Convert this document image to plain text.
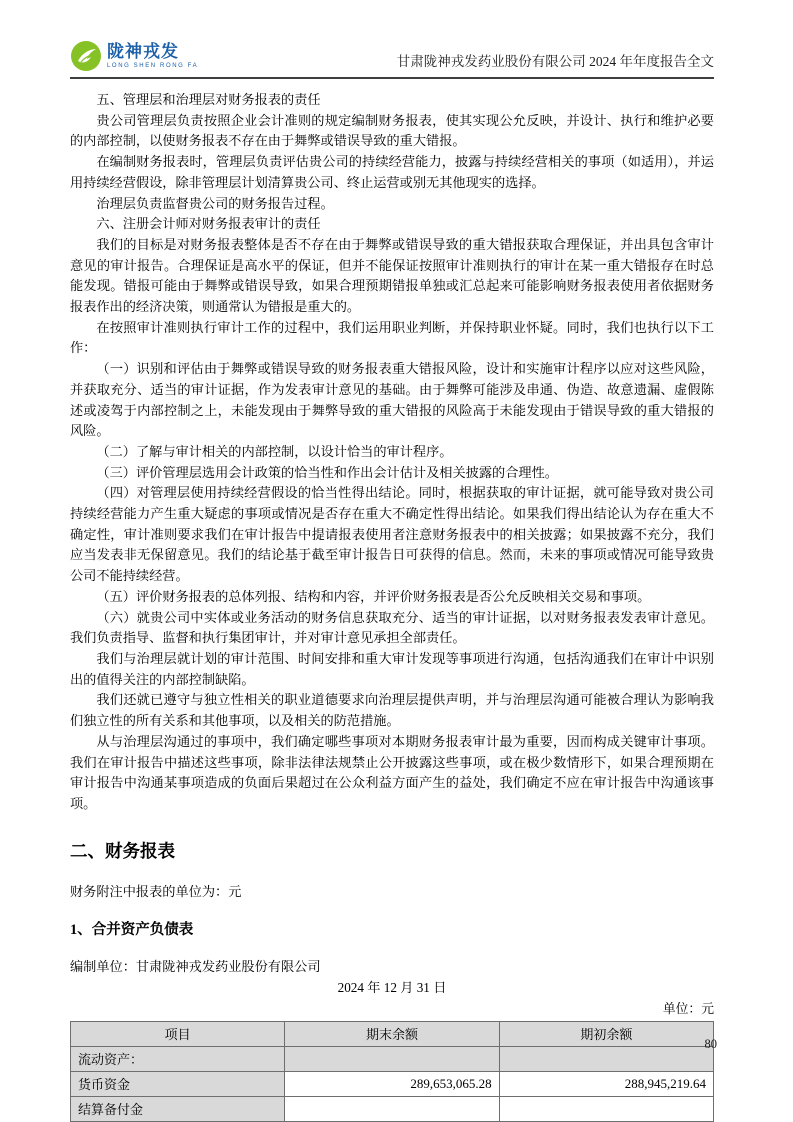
陇神戎发
LONG SHEN RONG FA	甘肃陇神戎发药业股份有限公司 2024 年年度报告全文

五、管理层和治理层对财务报表的责任

贵公司管理层负责按照企业会计准则的规定编制财务报表，使其实现公允反映，并设计、执行和维护必要的内部控制，以使财务报表不存在由于舞弊或错误导致的重大错报。

在编制财务报表时，管理层负责评估贵公司的持续经营能力，披露与持续经营相关的事项（如适用），并运用持续经营假设，除非管理层计划清算贵公司、终止运营或别无其他现实的选择。

治理层负责监督贵公司的财务报告过程。

六、注册会计师对财务报表审计的责任

我们的目标是对财务报表整体是否不存在由于舞弊或错误导致的重大错报获取合理保证，并出具包含审计意见的审计报告。合理保证是高水平的保证，但并不能保证按照审计准则执行的审计在某一重大错报存在时总能发现。错报可能由于舞弊或错误导致，如果合理预期错报单独或汇总起来可能影响财务报表使用者依据财务报表作出的经济决策，则通常认为错报是重大的。

在按照审计准则执行审计工作的过程中，我们运用职业判断，并保持职业怀疑。同时，我们也执行以下工作：

（一）识别和评估由于舞弊或错误导致的财务报表重大错报风险，设计和实施审计程序以应对这些风险，并获取充分、适当的审计证据，作为发表审计意见的基础。由于舞弊可能涉及串通、伪造、故意遗漏、虚假陈述或凌驾于内部控制之上，未能发现由于舞弊导致的重大错报的风险高于未能发现由于错误导致的重大错报的风险。

（二）了解与审计相关的内部控制，以设计恰当的审计程序。

（三）评价管理层选用会计政策的恰当性和作出会计估计及相关披露的合理性。

（四）对管理层使用持续经营假设的恰当性得出结论。同时，根据获取的审计证据，就可能导致对贵公司持续经营能力产生重大疑虑的事项或情况是否存在重大不确定性得出结论。如果我们得出结论认为存在重大不确定性，审计准则要求我们在审计报告中提请报表使用者注意财务报表中的相关披露；如果披露不充分，我们应当发表非无保留意见。我们的结论基于截至审计报告日可获得的信息。然而，未来的事项或情况可能导致贵公司不能持续经营。

（五）评价财务报表的总体列报、结构和内容，并评价财务报表是否公允反映相关交易和事项。

（六）就贵公司中实体或业务活动的财务信息获取充分、适当的审计证据，以对财务报表发表审计意见。我们负责指导、监督和执行集团审计，并对审计意见承担全部责任。

我们与治理层就计划的审计范围、时间安排和重大审计发现等事项进行沟通，包括沟通我们在审计中识别出的值得关注的内部控制缺陷。

我们还就已遵守与独立性相关的职业道德要求向治理层提供声明，并与治理层沟通可能被合理认为影响我们独立性的所有关系和其他事项，以及相关的防范措施。

从与治理层沟通过的事项中，我们确定哪些事项对本期财务报表审计最为重要，因而构成关键审计事项。我们在审计报告中描述这些事项，除非法律法规禁止公开披露这些事项，或在极少数情形下，如果合理预期在审计报告中沟通某事项造成的负面后果超过在公众利益方面产生的益处，我们确定不应在审计报告中沟通该事项。

二、财务报表

财务附注中报表的单位为：元

1、合并资产负债表

编制单位：甘肃陇神戎发药业股份有限公司

2024 年 12 月 31 日
单位：元
项目	期末余额	期初余额
流动资产：		
货币资金	289,653,065.28	288,945,219.64
结算备付金		
80
